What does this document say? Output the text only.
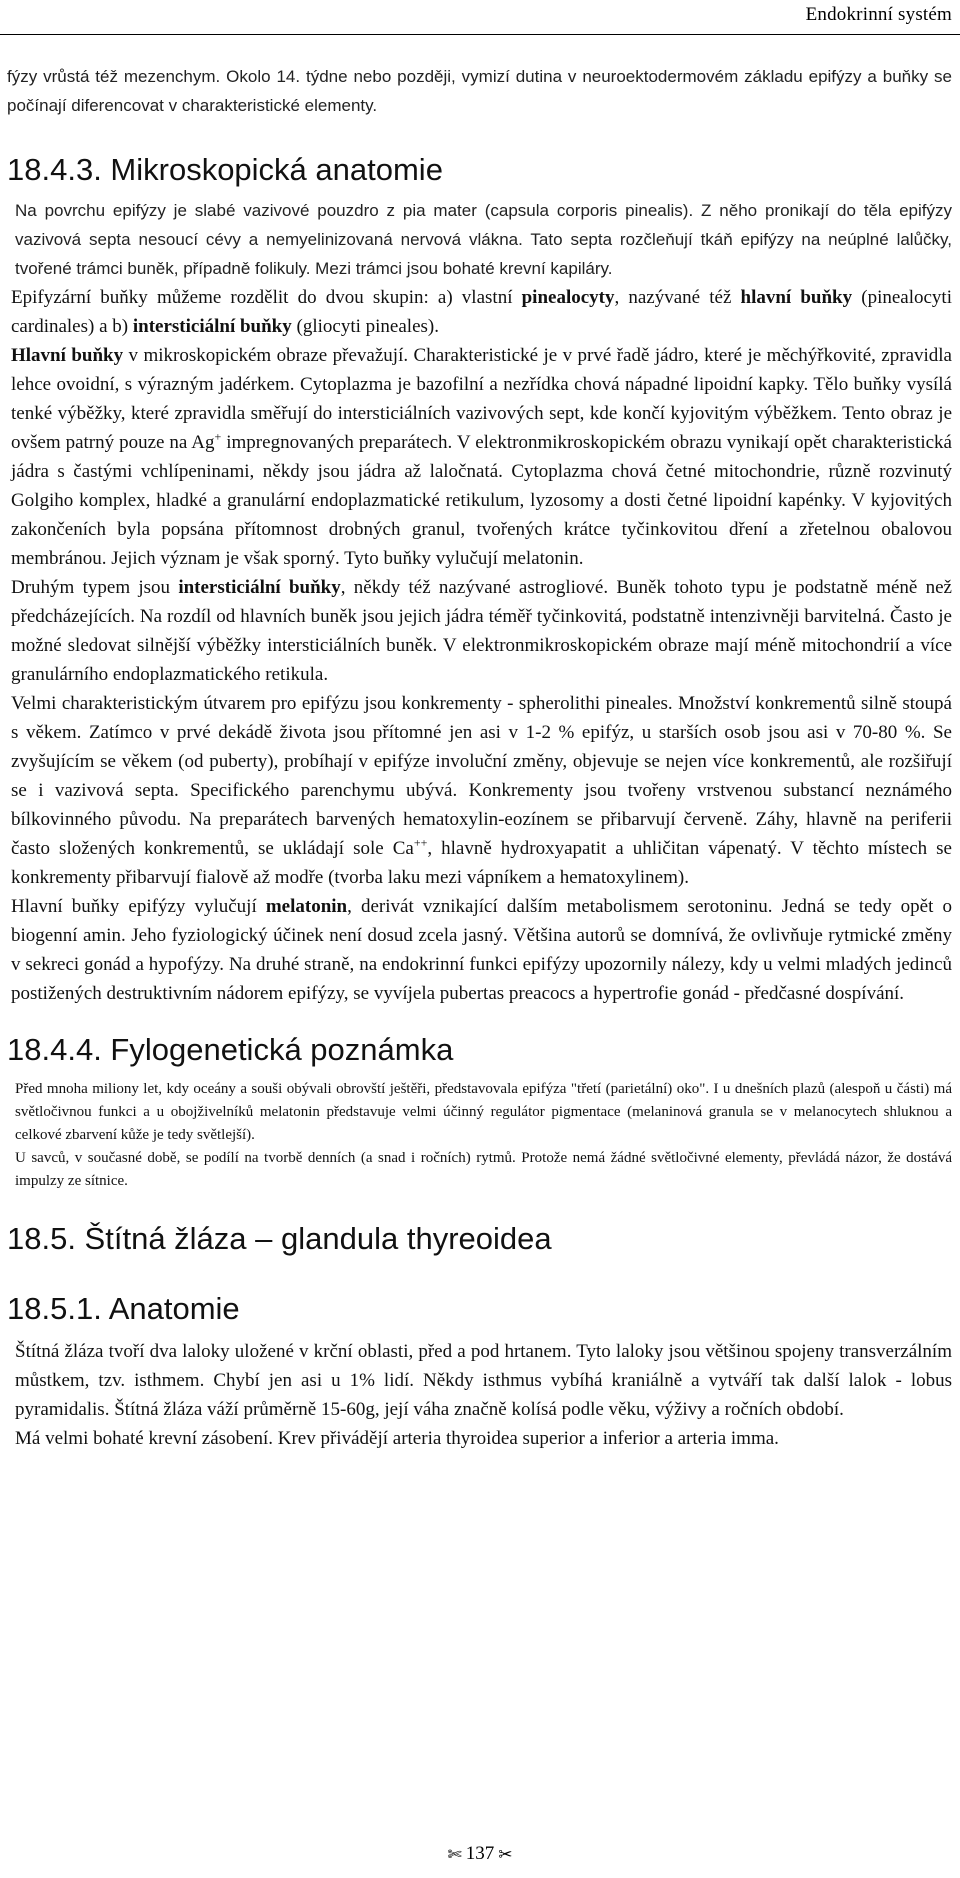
Endokrinní systém

fýzy vrůstá též mezenchym. Okolo 14. týdne nebo později, vymizí dutina v neuroektodermovém základu epifýzy a buňky se počínají diferencovat v charakteristické elementy.

18.4.3. Mikroskopická anatomie

Na povrchu epifýzy je slabé vazivové pouzdro z pia mater (capsula corporis pinealis). Z něho pronikají do těla epifýzy vazivová septa nesoucí cévy a nemyelinizovaná nervová vlákna. Tato septa rozčleňují tkáň epifýzy na neúplné lalůčky, tvořené trámci buněk, případně folikuly. Mezi trámci jsou bohaté krevní kapiláry.

Epifyzární buňky můžeme rozdělit do dvou skupin: a) vlastní pinealocyty, nazývané též hlavní buňky (pinealocyti cardinales) a b) intersticiální buňky (gliocyti pineales).

Hlavní buňky v mikroskopickém obraze převažují. Charakteristické je v prvé řadě jádro, které je měchýřkovité, zpravidla lehce ovoidní, s výrazným jadérkem. Cytoplazma je bazofilní a nezřídka chová nápadné lipoidní kapky. Tělo buňky vysílá tenké výběžky, které zpravidla směřují do intersticiálních vazivových sept, kde končí kyjovitým výběžkem. Tento obraz je ovšem patrný pouze na Ag+ impregnovaných preparátech. V elektronmikroskopickém obrazu vynikají opět charakteristická jádra s častými vchlípeninami, někdy jsou jádra až laločnatá. Cytoplazma chová četné mitochondrie, různě rozvinutý Golgiho komplex, hladké a granulární endoplazmatické retikulum, lyzosomy a dosti četné lipoidní kapénky. V kyjovitých zakončeních byla popsána přítomnost drobných granul, tvořených krátce tyčinkovitou dření a zřetelnou obalovou membránou. Jejich význam je však sporný. Tyto buňky vylučují melatonin.

Druhým typem jsou intersticiální buňky, někdy též nazývané astrogliové. Buněk tohoto typu je podstatně méně než předcházejících. Na rozdíl od hlavních buněk jsou jejich jádra téměř tyčinkovitá, podstatně intenzivněji barvitelná. Často je možné sledovat silnější výběžky intersticiálních buněk. V elektronmikroskopickém obraze mají méně mitochondrií a více granulárního endoplazmatického retikula.

Velmi charakteristickým útvarem pro epifýzu jsou konkrementy - spherolithi pineales. Množství konkrementů silně stoupá s věkem. Zatímco v prvé dekádě života jsou přítomné jen asi v 1-2 % epifýz, u starších osob jsou asi v 70-80 %. Se zvyšujícím se věkem (od puberty), probíhají v epifýze involuční změny, objevuje se nejen více konkrementů, ale rozšiřují se i vazivová septa. Specifického parenchymu ubývá. Konkrementy jsou tvořeny vrstvenou substancí neznámého bílkovinného původu. Na preparátech barvených hematoxylin-eozínem se přibarvují červeně. Záhy, hlavně na periferii často složených konkrementů, se ukládají sole Ca++, hlavně hydroxyapatit a uhličitan vápenatý. V těchto místech se konkrementy přibarvují fialově až modře (tvorba laku mezi vápníkem a hematoxylinem).

Hlavní buňky epifýzy vylučují melatonin, derivát vznikající dalším metabolismem serotoninu. Jedná se tedy opět o biogenní amin. Jeho fyziologický účinek není dosud zcela jasný. Většina autorů se domnívá, že ovlivňuje rytmické změny v sekreci gonád a hypofýzy. Na druhé straně, na endokrinní funkci epifýzy upozornily nálezy, kdy u velmi mladých jedinců postižených destruktivním nádorem epifýzy, se vyvíjela pubertas preacocs a hypertrofie gonád - předčasné dospívání.

18.4.4. Fylogenetická poznámka

Před mnoha miliony let, kdy oceány a souši obývali obrovští ještěři, představovala epifýza "třetí (parietální) oko". I u dnešních plazů (alespoň u části) má světločivnou funkci a u obojživelníků melatonin představuje velmi účinný regulátor pigmentace (melaninová granula se v melanocytech shluknou a celkové zbarvení kůže je tedy světlejší).

U savců, v současné době, se podílí na tvorbě denních (a snad i ročních) rytmů. Protože nemá žádné světločivné elementy, převládá názor, že dostává impulzy ze sítnice.

18.5. Štítná žláza – glandula thyreoidea
18.5.1. Anatomie

Štítná žláza tvoří dva laloky uložené v krční oblasti, před a pod hrtanem. Tyto laloky jsou většinou spojeny transverzálním můstkem, tzv. isthmem. Chybí jen asi u 1% lidí. Někdy isthmus vybíhá kraniálně a vytváří tak další lalok - lobus pyramidalis. Štítná žláza váží průměrně 15-60g, její váha značně kolísá podle věku, výživy a ročních období.

Má velmi bohaté krevní zásobení. Krev přivádějí arteria thyroidea superior a inferior a arteria imma.

✄ 137 ✂
